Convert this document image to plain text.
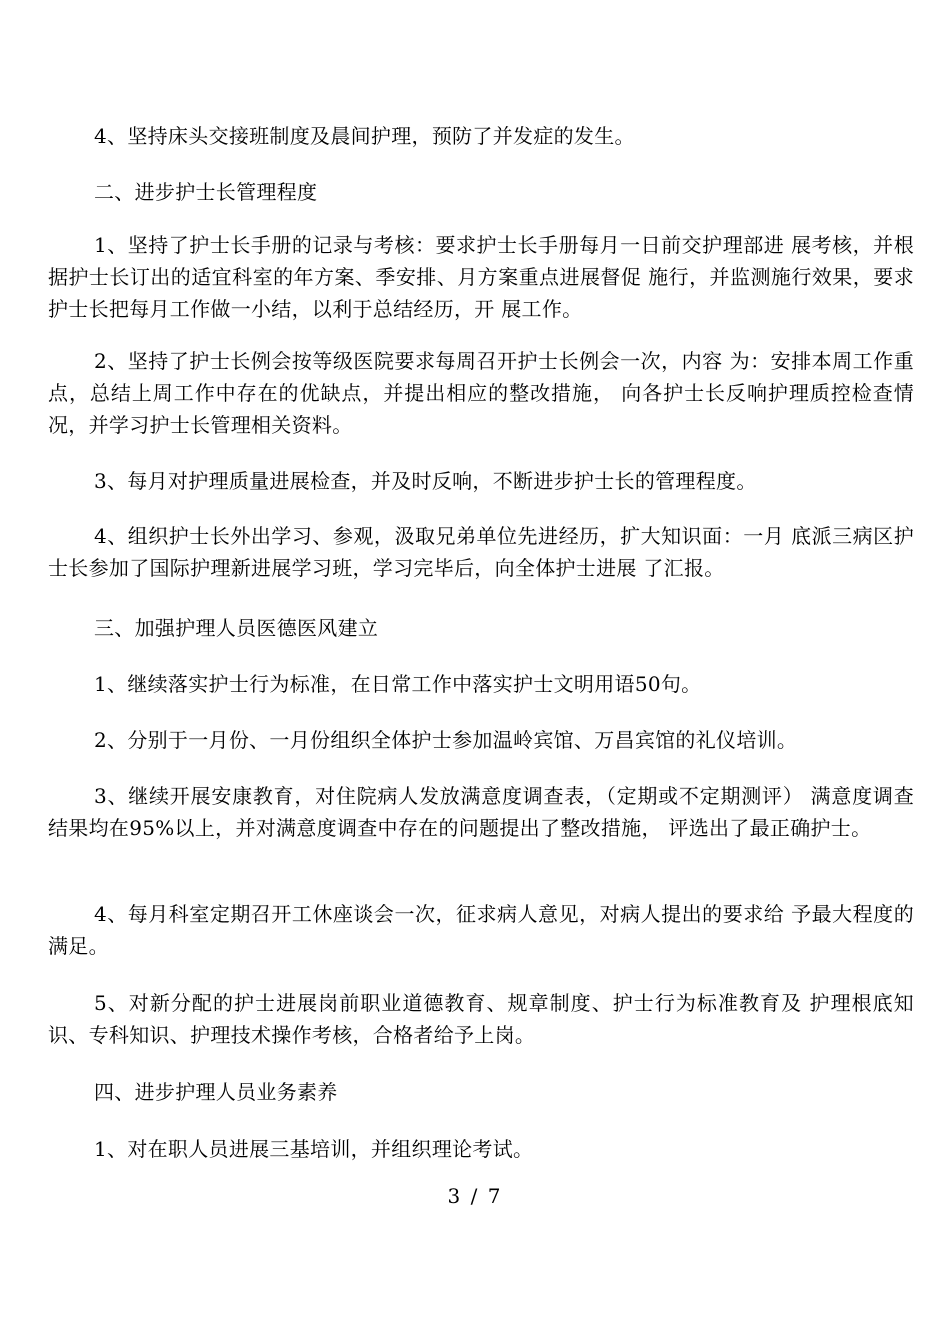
4、坚持床头交接班制度及晨间护理，预防了并发症的发生。

二、进步护士长管理程度

1、坚持了护士长手册的记录与考核：要求护士长手册每月一日前交护理部进 展考核，并根据护士长订出的适宜科室的年方案、季安排、月方案重点进展督促 施行，并监测施行效果，要求护士长把每月工作做一小结，以利于总结经历，开 展工作。

2、坚持了护士长例会按等级医院要求每周召开护士长例会一次，内容 为：安排本周工作重点，总结上周工作中存在的优缺点，并提出相应的整改措施， 向各护士长反响护理质控检查情况，并学习护士长管理相关资料。

3、每月对护理质量进展检查，并及时反响，不断进步护士长的管理程度。

4、组织护士长外出学习、参观，汲取兄弟单位先进经历，扩大知识面：一月 底派三病区护士长参加了国际护理新进展学习班，学习完毕后，向全体护士进展 了汇报。

三、加强护理人员医德医风建立

1、继续落实护士行为标准，在日常工作中落实护士文明用语50句。

2、分别于一月份、一月份组织全体护士参加温岭宾馆、万昌宾馆的礼仪培训。

3、继续开展安康教育，对住院病人发放满意度调查表，（定期或不定期测评） 满意度调查结果均在95%以上，并对满意度调查中存在的问题提出了整改措施， 评选出了最正确护士。

4、每月科室定期召开工休座谈会一次，征求病人意见，对病人提出的要求给 予最大程度的满足。

5、对新分配的护士进展岗前职业道德教育、规章制度、护士行为标准教育及 护理根底知识、专科知识、护理技术操作考核，合格者给予上岗。

四、进步护理人员业务素养

1、对在职人员进展三基培训，并组织理论考试。

3 / 7
